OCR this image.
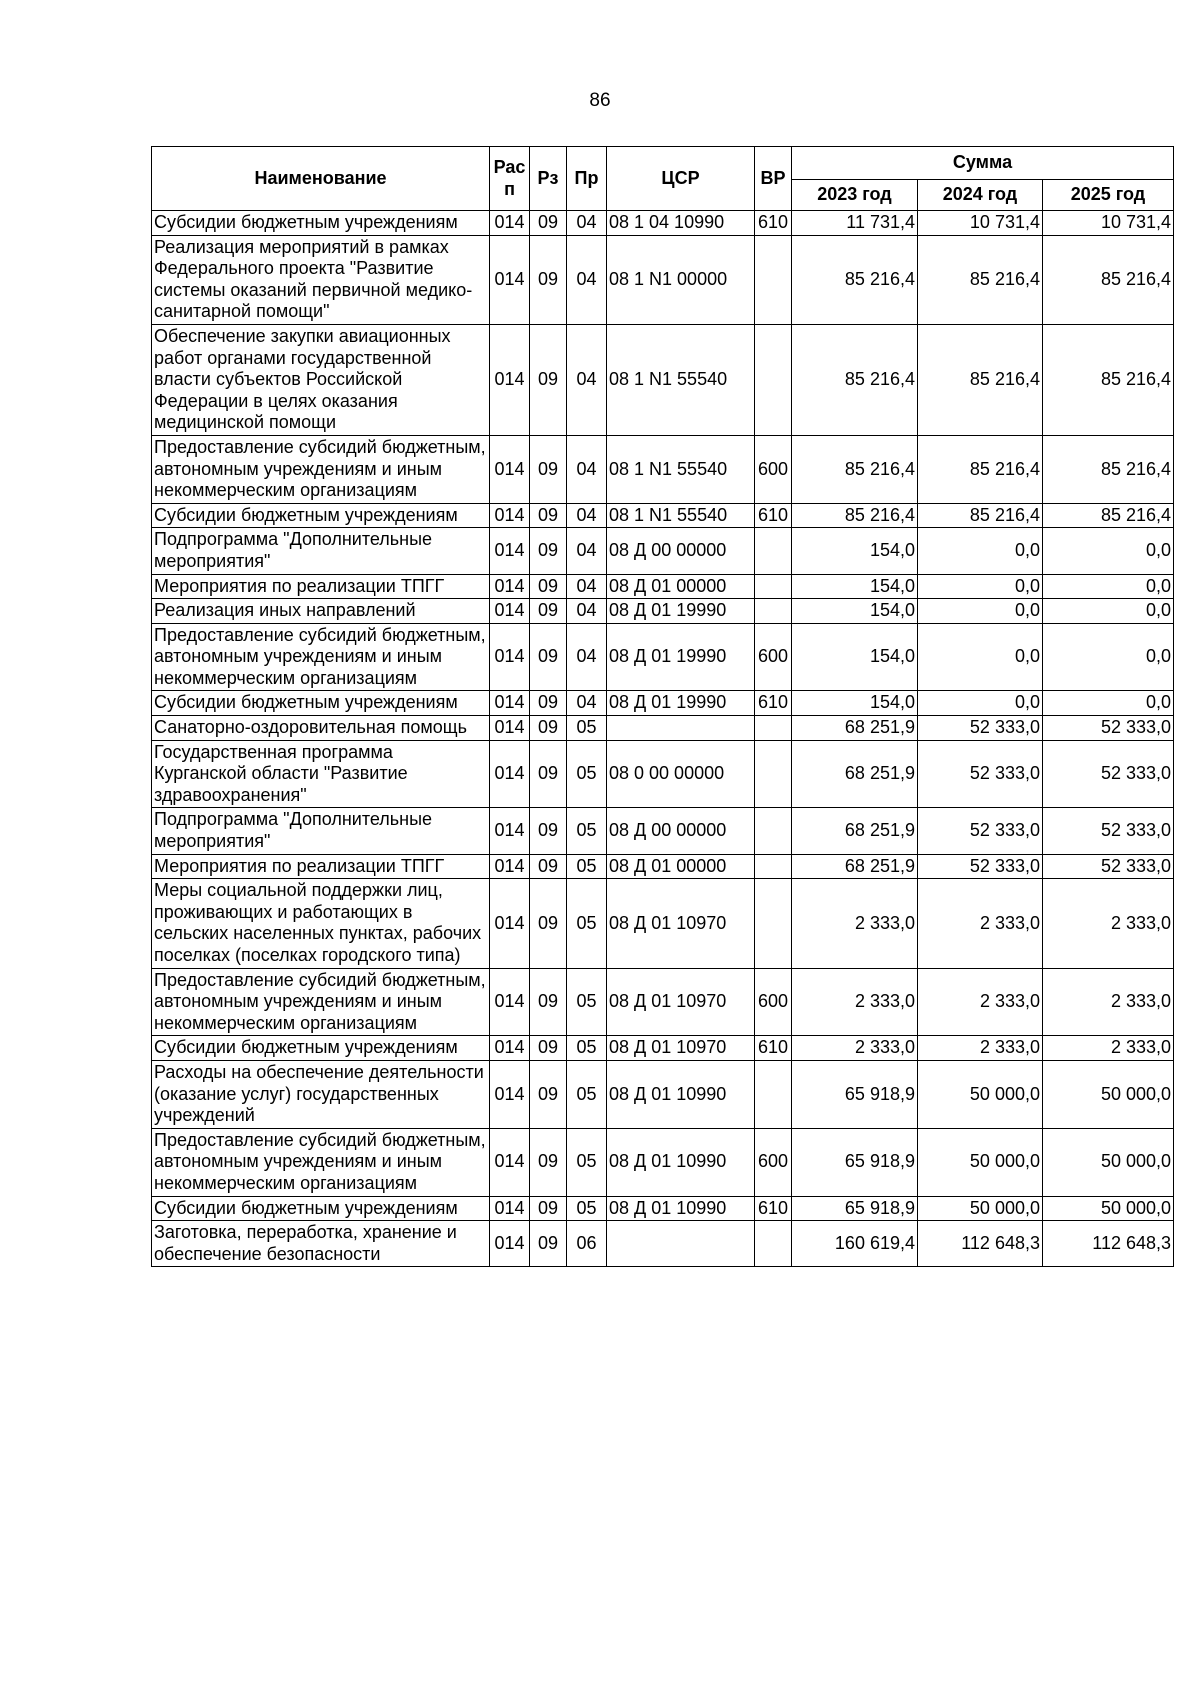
86
Наименование	Рас п	Рз	Пр	ЦСР	ВР	Сумма		
						2023 год	2024 год	2025 год
Субсидии бюджетным учреждениям	014	09	04	08 1 04 10990	610	11 731,4	10 731,4	10 731,4
Реализация мероприятий в рамках Федерального проекта "Развитие системы оказаний первичной медико-санитарной помощи"	014	09	04	08 1 N1 00000		85 216,4	85 216,4	85 216,4
Обеспечение закупки авиационных работ органами государственной власти субъектов Российской Федерации в целях оказания медицинской помощи	014	09	04	08 1 N1 55540		85 216,4	85 216,4	85 216,4
Предоставление субсидий бюджетным, автономным учреждениям и иным некоммерческим организациям	014	09	04	08 1 N1 55540	600	85 216,4	85 216,4	85 216,4
Субсидии бюджетным учреждениям	014	09	04	08 1 N1 55540	610	85 216,4	85 216,4	85 216,4
Подпрограмма "Дополнительные мероприятия"	014	09	04	08 Д 00 00000		154,0	0,0	0,0
Мероприятия по реализации ТПГГ	014	09	04	08 Д 01 00000		154,0	0,0	0,0
Реализация иных направлений	014	09	04	08 Д 01 19990		154,0	0,0	0,0
Предоставление субсидий бюджетным, автономным учреждениям и иным некоммерческим организациям	014	09	04	08 Д 01 19990	600	154,0	0,0	0,0
Субсидии бюджетным учреждениям	014	09	04	08 Д 01 19990	610	154,0	0,0	0,0
Санаторно-оздоровительная помощь	014	09	05			68 251,9	52 333,0	52 333,0
Государственная программа Курганской области "Развитие здравоохранения"	014	09	05	08 0 00 00000		68 251,9	52 333,0	52 333,0
Подпрограмма "Дополнительные мероприятия"	014	09	05	08 Д 00 00000		68 251,9	52 333,0	52 333,0
Мероприятия по реализации ТПГГ	014	09	05	08 Д 01 00000		68 251,9	52 333,0	52 333,0
Меры социальной поддержки лиц, проживающих и работающих в сельских населенных пунктах, рабочих поселках (поселках городского типа)	014	09	05	08 Д 01 10970		2 333,0	2 333,0	2 333,0
Предоставление субсидий бюджетным, автономным учреждениям и иным некоммерческим организациям	014	09	05	08 Д 01 10970	600	2 333,0	2 333,0	2 333,0
Субсидии бюджетным учреждениям	014	09	05	08 Д 01 10970	610	2 333,0	2 333,0	2 333,0
Расходы на обеспечение деятельности (оказание услуг) государственных учреждений	014	09	05	08 Д 01 10990		65 918,9	50 000,0	50 000,0
Предоставление субсидий бюджетным, автономным учреждениям и иным некоммерческим организациям	014	09	05	08 Д 01 10990	600	65 918,9	50 000,0	50 000,0
Субсидии бюджетным учреждениям	014	09	05	08 Д 01 10990	610	65 918,9	50 000,0	50 000,0
Заготовка, переработка, хранение и обеспечение безопасности	014	09	06			160 619,4	112 648,3	112 648,3
